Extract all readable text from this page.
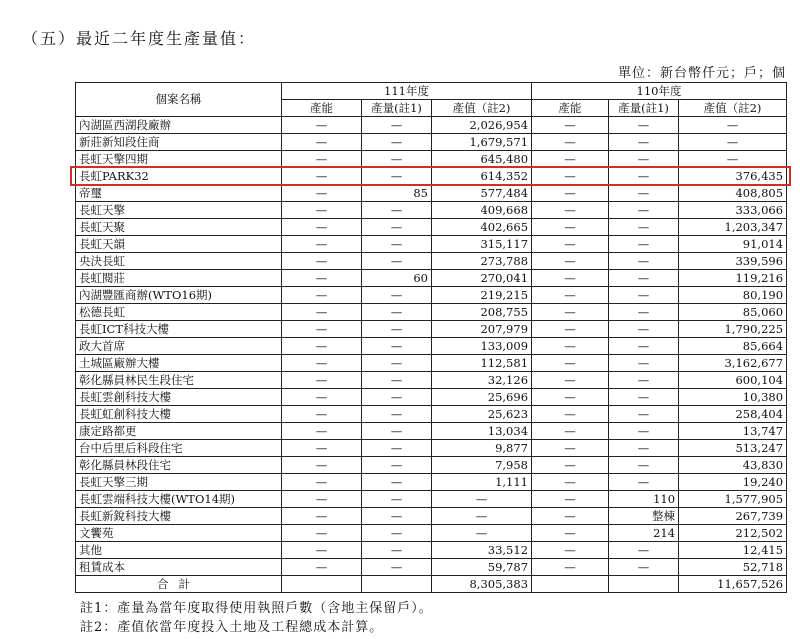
（五）最近二年度生產量值：
單位：新台幣仟元；戶；個
個案名稱	111年度			110年度		
	產能	產量(註1)	產值（註2)	產能	產量(註1)	產值（註2)
內湖區西湖段廠辦	—	—	2,026,954	—	—	—
新莊新知段住商	—	—	1,679,571	—	—	—
長虹天擎四期	—	—	645,480	—	—	—
長虹PARK32	—	—	614,352	—	—	376,435
帝璽	—	85	577,484	—	—	408,805
長虹天擎	—	—	409,668	—	—	333,066
長虹天聚	—	—	402,665	—	—	1,203,347
長虹天韻	—	—	315,117	—	—	91,014
央決長虹	—	—	273,788	—	—	339,596
長虹閱莊	—	60	270,041	—	—	119,216
內湖豐匯商辦(WTO16期)	—	—	219,215	—	—	80,190
松德長虹	—	—	208,755	—	—	85,060
長虹ICT科技大樓	—	—	207,979	—	—	1,790,225
政大首席	—	—	133,009	—	—	85,664
土城區廠辦大樓	—	—	112,581	—	—	3,162,677
彰化縣員林民生段住宅	—	—	32,126	—	—	600,104
長虹雲創科技大樓	—	—	25,696	—	—	10,380
長虹虹創科技大樓	—	—	25,623	—	—	258,404
康定路都更	—	—	13,034	—	—	13,747
台中后里后科段住宅	—	—	9,877	—	—	513,247
彰化縣員林段住宅	—	—	7,958	—	—	43,830
長虹天擎三期	—	—	1,111	—	—	19,240
長虹雲端科技大樓(WTO14期)	—	—	—	—	110	1,577,905
長虹新銳科技大樓	—	—	—	—	整棟	267,739
文饗苑	—	—	—	—	214	212,502
其他	—	—	33,512	—	—	12,415
租賃成本	—	—	59,787	—	—	52,718
合計			8,305,383			11,657,526
註1：產量為當年度取得使用執照戶數（含地主保留戶）。
註2：產值依當年度投入土地及工程總成本計算。
